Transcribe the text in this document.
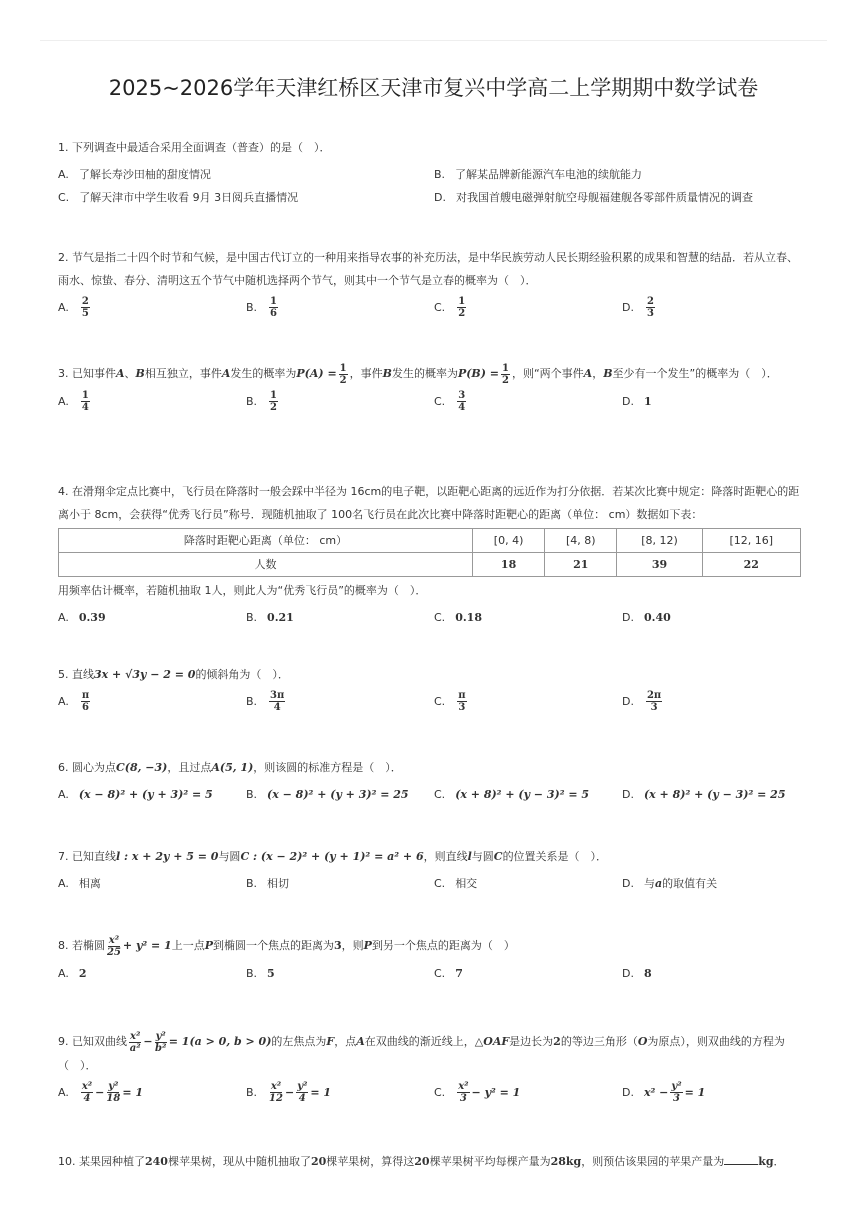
2025~2026学年天津红桥区天津市复兴中学高二上学期期中数学试卷
1. 下列调查中最适合采用全面调查（普查）的是（　）．
A. 了解长寿沙田柚的甜度情况	B. 了解某品牌新能源汽车电池的续航能力
C. 了解天津市中学生收看 9月 3日阅兵直播情况	D. 对我国首艘电磁弹射航空母舰福建舰各零部件质量情况的调查
2. 节气是指二十四个时节和气候，是中国古代订立的一种用来指导农事的补充历法，是中华民族劳动人民长期经验积累的成果和智慧的结晶．若从立春、雨水、惊蛰、春分、清明这五个节气中随机选择两个节气，则其中一个节气是立春的概率为（　）．
A. $\frac{2}{5}$	B. $\frac{1}{6}$	C. $\frac{1}{2}$	D. $\frac{2}{3}$
3. 已知事件A、B相互独立，事件A发生的概率为$P(A) = \frac{1}{2}$ ，事件B发生的概率为$P(B) = \frac{1}{2}$ ，则“两个事件A，B至少有一个发生”的概率为（　）．
A. $\frac{1}{4}$	B. $\frac{1}{2}$	C. $\frac{3}{4}$	D. 1
4. 在滑翔伞定点比赛中，飞行员在降落时一般会踩中半径为 16cm的电子靶，以距靶心距离的远近作为打分依据．若某次比赛中规定：降落时距靶心的距离小于 8cm，会获得“优秀飞行员”称号．现随机抽取了 100名飞行员在此次比赛中降落时距靶心的距离（单位： cm）数据如下表：
降落时距靶心距离（单位： cm）	[0, 4)	[4, 8)	[8, 12)	[12, 16]
人数	18	21	39	22
用频率估计概率，若随机抽取 1人，则此人为“优秀飞行员”的概率为（　）．
A. 0.39	B. 0.21	C. 0.18	D. 0.40
5. 直线3x + √3y − 2 = 0的倾斜角为（　）．
A. $\frac{\pi}{6}$	B. $\frac{3\pi}{4}$	C. $\frac{\pi}{3}$	D. $\frac{2\pi}{3}$
6. 圆心为点C(8, −3)，且过点A(5, 1)，则该圆的标准方程是（　）．
A. (x − 8)² + (y + 3)² = 5	B. (x − 8)² + (y + 3)² = 25 C. (x + 8)² + (y − 3)² = 5	D. (x + 8)² + (y − 3)² = 25
7. 已知直线l : x + 2y + 5 = 0与圆C : (x − 2)² + (y + 1)² = a² + 6，则直线l与圆C的位置关系是（　）．
A. 相离	B. 相切	C. 相交	D. 与 a 的取值有关
8. 若椭圆 $\frac{\text{x²}}{25} + y^2 = 1$上一点P到椭圆一个焦点的距离为3，则P到另一个焦点的距离为（　）
A. 2	B. 5	C. 7	D. 8
9. 已知双曲线 $\frac{\text{x²}}{\text{a²}} - \frac{\text{y²}}{\text{b²}} = 1(a > 0$, b > 0)的左焦点为F，点A在双曲线的渐近线上，△OAF是边长为2的等边三角形（O为原点），则双曲线的方程为（　）．
A. $\frac{\text{x²}}{4} - \frac{\text{y²}}{18} = 1$	B. $\frac{\text{x²}}{12} - \frac{\text{y²}}{4} = 1$	C. $\frac{\text{x²}}{3} - y^2 = 1$	D. $x^2 - \frac{\text{y²}}{3} = 1$
10. 某果园种植了240棵苹果树，现从中随机抽取了20棵苹果树，算得这20棵苹果树平均每棵产量为28kg，则预估该果园的苹果产量为	kg．
